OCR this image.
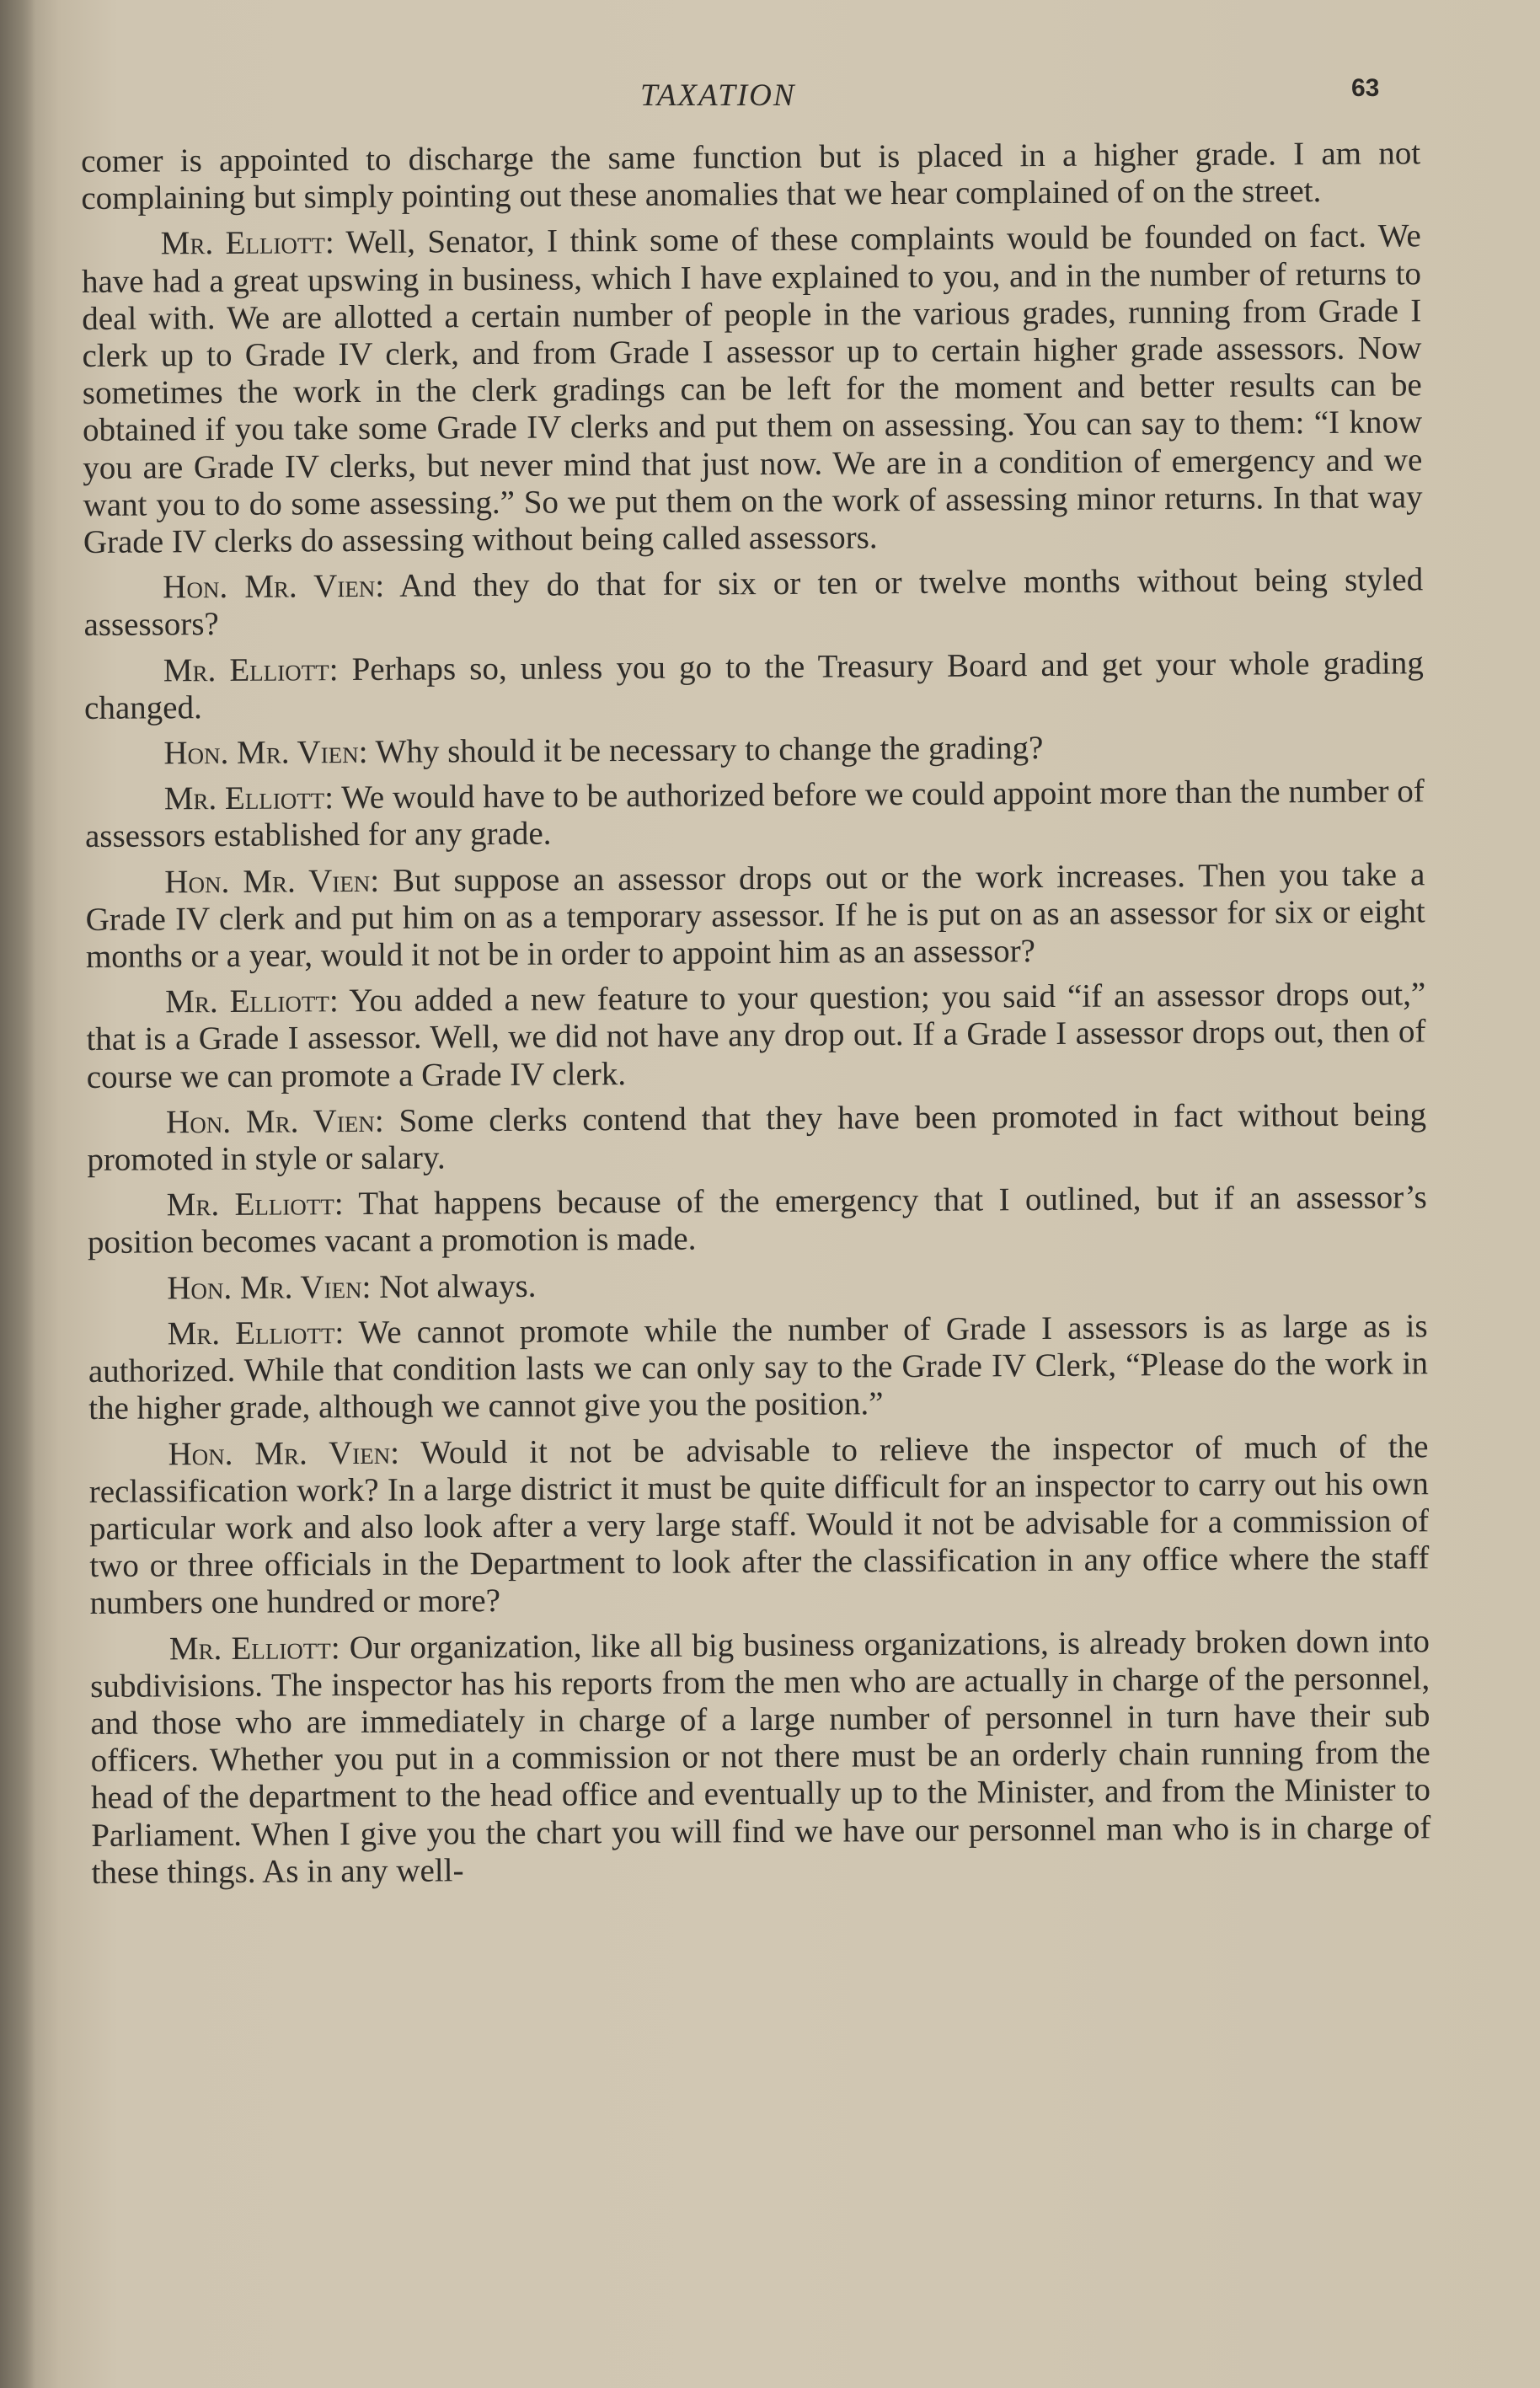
TAXATION	63

comer is appointed to discharge the same function but is placed in a higher grade. I am not complaining but simply pointing out these anomalies that we hear complained of on the street.

Mr. Elliott: Well, Senator, I think some of these complaints would be founded on fact. We have had a great upswing in business, which I have explained to you, and in the number of returns to deal with. We are allotted a certain number of people in the various grades, running from Grade I clerk up to Grade IV clerk, and from Grade I assessor up to certain higher grade assessors. Now sometimes the work in the clerk gradings can be left for the moment and better results can be obtained if you take some Grade IV clerks and put them on assessing. You can say to them: “I know you are Grade IV clerks, but never mind that just now. We are in a condition of emergency and we want you to do some assessing.” So we put them on the work of assessing minor returns. In that way Grade IV clerks do assessing without being called assessors.

Hon. Mr. Vien: And they do that for six or ten or twelve months without being styled assessors?

Mr. Elliott: Perhaps so, unless you go to the Treasury Board and get your whole grading changed.

Hon. Mr. Vien: Why should it be necessary to change the grading?

Mr. Elliott: We would have to be authorized before we could appoint more than the number of assessors established for any grade.

Hon. Mr. Vien: But suppose an assessor drops out or the work increases. Then you take a Grade IV clerk and put him on as a temporary assessor. If he is put on as an assessor for six or eight months or a year, would it not be in order to appoint him as an assessor?

Mr. Elliott: You added a new feature to your question; you said “if an assessor drops out,” that is a Grade I assessor. Well, we did not have any drop out. If a Grade I assessor drops out, then of course we can promote a Grade IV clerk.

Hon. Mr. Vien: Some clerks contend that they have been promoted in fact without being promoted in style or salary.

Mr. Elliott: That happens because of the emergency that I outlined, but if an assessor’s position becomes vacant a promotion is made.

Hon. Mr. Vien: Not always.

Mr. Elliott: We cannot promote while the number of Grade I assessors is as large as is authorized. While that condition lasts we can only say to the Grade IV Clerk, “Please do the work in the higher grade, although we cannot give you the position.”

Hon. Mr. Vien: Would it not be advisable to relieve the inspector of much of the reclassification work? In a large district it must be quite difficult for an inspector to carry out his own particular work and also look after a very large staff. Would it not be advisable for a commission of two or three officials in the Department to look after the classification in any office where the staff numbers one hundred or more?

Mr. Elliott: Our organization, like all big business organizations, is already broken down into subdivisions. The inspector has his reports from the men who are actually in charge of the personnel, and those who are immediately in charge of a large number of personnel in turn have their sub officers. Whether you put in a commission or not there must be an orderly chain running from the head of the department to the head office and eventually up to the Minister, and from the Minister to Parliament. When I give you the chart you will find we have our personnel man who is in charge of these things. As in any well-
